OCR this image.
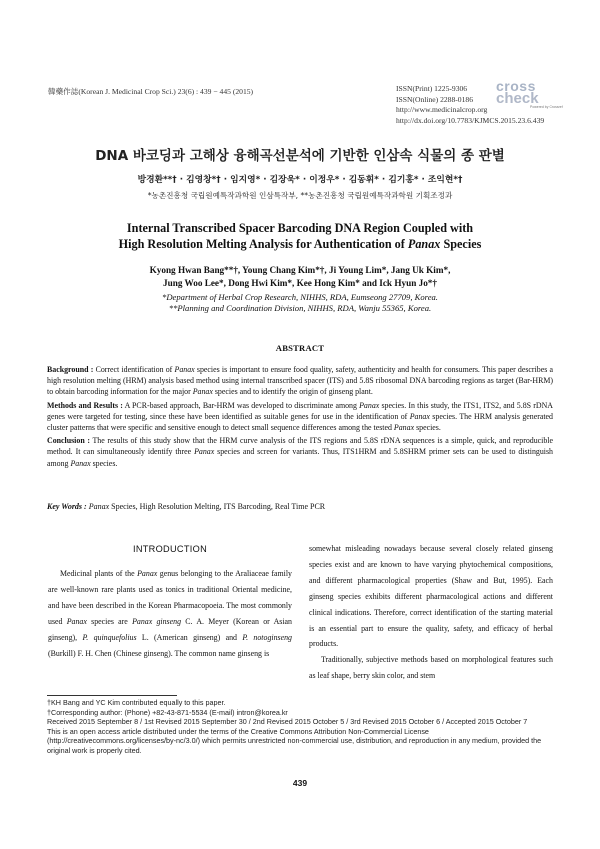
韓藥作誌(Korean J. Medicinal Crop Sci.) 23(6) : 439 − 445 (2015)	ISSN(Print) 1225-9306
ISSN(Online) 2288-0186
http://www.medicinalcrop.org
http://dx.doi.org/10.7783/KJMCS.2015.23.6.439
cross
check
Powered by Crossref
DNA 바코딩과 고해상 융해곡선분석에 기반한 인삼속 식물의 종 판별
방경환**† · 김영창*† · 임지영* · 김장욱* · 이정우* · 김동휘* · 김기홍* · 조익현*†
*농촌진흥청 국립원예특작과학원 인삼특작부, **농촌진흥청 국립원예특작과학원 기획조정과
Internal Transcribed Spacer Barcoding DNA Region Coupled with
High Resolution Melting Analysis for Authentication of Panax Species
Kyong Hwan Bang**†, Young Chang Kim*†, Ji Young Lim*, Jang Uk Kim*,
Jung Woo Lee*, Dong Hwi Kim*, Kee Hong Kim* and Ick Hyun Jo*†
*Department of Herbal Crop Research, NIHHS, RDA, Eumseong 27709, Korea.
**Planning and Coordination Division, NIHHS, RDA, Wanju 55365, Korea.
ABSTRACT

Background : Correct identification of Panax species is important to ensure food quality, safety, authenticity and health for consumers. This paper describes a high resolution melting (HRM) analysis based method using internal transcribed spacer (ITS) and 5.8S ribosomal DNA barcoding regions as target (Bar-HRM) to obtain barcoding information for the major Panax species and to identify the origin of ginseng plant.

Methods and Results : A PCR-based approach, Bar-HRM was developed to discriminate among Panax species. In this study, the ITS1, ITS2, and 5.8S rDNA genes were targeted for testing, since these have been identified as suitable genes for use in the identification of Panax species. The HRM analysis generated cluster patterns that were specific and sensitive enough to detect small sequence differences among the tested Panax species.

Conclusion : The results of this study show that the HRM curve analysis of the ITS regions and 5.8S rDNA sequences is a simple, quick, and reproducible method. It can simultaneously identify three Panax species and screen for variants. Thus, ITS1HRM and 5.8SHRM primer sets can be used to distinguish among Panax species.

Key Words : Panax Species, High Resolution Melting, ITS Barcoding, Real Time PCR
INTRODUCTION

Medicinal plants of the Panax genus belonging to the Araliaceae family are well-known rare plants used as tonics in traditional Oriental medicine, and have been described in the Korean Pharmacopoeia. The most commonly used Panax species are Panax ginseng C. A. Meyer (Korean or Asian ginseng), P. quinquefolius L. (American ginseng) and P. notoginseng (Burkill) F. H. Chen (Chinese ginseng). The common name ginseng is

somewhat misleading nowadays because several closely related ginseng species exist and are known to have varying phytochemical compositions, and different pharmacological properties (Shaw and But, 1995). Each ginseng species exhibits different pharmacological actions and different clinical indications. Therefore, correct identification of the starting material is an essential part to ensure the quality, safety, and efficacy of herbal products.

Traditionally, subjective methods based on morphological features such as leaf shape, berry skin color, and stem

†KH Bang and YC Kim contributed equally to this paper.
†Corresponding author: (Phone) +82-43-871-5534 (E-mail) intron@korea.kr
Received 2015 September 8 / 1st Revised 2015 September 30 / 2nd Revised 2015 October 5 / 3rd Revised 2015 October 6 / Accepted 2015 October 7
This is an open access article distributed under the terms of the Creative Commons Attribution Non-Commercial License (http://creativecommons.org/licenses/by-nc/3.0/) which permits unrestricted non-commercial use, distribution, and reproduction in any medium, provided the original work is properly cited.
439
